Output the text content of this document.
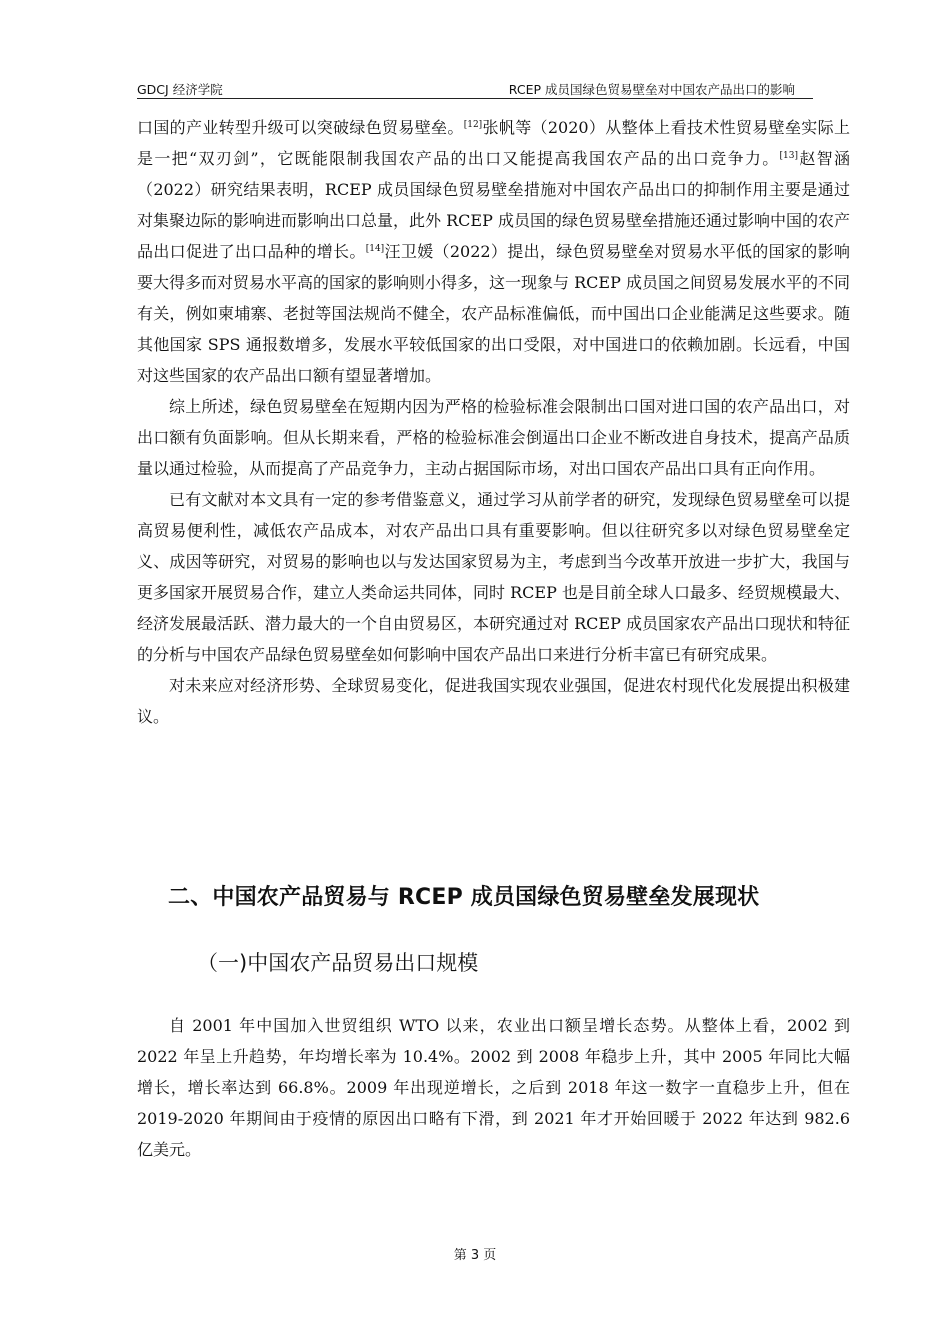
GDCJ 经济学院	RCEP 成员国绿色贸易壁垒对中国农产品出口的影响

口国的产业转型升级可以突破绿色贸易壁垒。[12]张帆等（2020）从整体上看技术性贸易壁垒实际上是一把“双刃剑”，它既能限制我国农产品的出口又能提高我国农产品的出口竞争力。[13]赵智涵（2022）研究结果表明，RCEP 成员国绿色贸易壁垒措施对中国农产品出口的抑制作用主要是通过对集聚边际的影响进而影响出口总量，此外 RCEP 成员国的绿色贸易壁垒措施还通过影响中国的农产品出口促进了出口品种的增长。[14]汪卫媛（2022）提出，绿色贸易壁垒对贸易水平低的国家的影响要大得多而对贸易水平高的国家的影响则小得多，这一现象与 RCEP 成员国之间贸易发展水平的不同有关，例如柬埔寨、老挝等国法规尚不健全，农产品标准偏低，而中国出口企业能满足这些要求。随其他国家 SPS 通报数增多，发展水平较低国家的出口受限，对中国进口的依赖加剧。长远看，中国对这些国家的农产品出口额有望显著增加。

综上所述，绿色贸易壁垒在短期内因为严格的检验标准会限制出口国对进口国的农产品出口，对出口额有负面影响。但从长期来看，严格的检验标准会倒逼出口企业不断改进自身技术，提高产品质量以通过检验，从而提高了产品竞争力，主动占据国际市场，对出口国农产品出口具有正向作用。

已有文献对本文具有一定的参考借鉴意义，通过学习从前学者的研究，发现绿色贸易壁垒可以提高贸易便利性，减低农产品成本，对农产品出口具有重要影响。但以往研究多以对绿色贸易壁垒定义、成因等研究，对贸易的影响也以与发达国家贸易为主，考虑到当今改革开放进一步扩大，我国与更多国家开展贸易合作，建立人类命运共同体，同时 RCEP 也是目前全球人口最多、经贸规模最大、经济发展最活跃、潜力最大的一个自由贸易区，本研究通过对 RCEP 成员国家农产品出口现状和特征的分析与中国农产品绿色贸易壁垒如何影响中国农产品出口来进行分析丰富已有研究成果。

对未来应对经济形势、全球贸易变化，促进我国实现农业强国，促进农村现代化发展提出积极建议。

二、中国农产品贸易与 RCEP 成员国绿色贸易壁垒发展现状
（一)中国农产品贸易出口规模

自 2001 年中国加入世贸组织 WTO 以来，农业出口额呈增长态势。从整体上看，2002 到 2022 年呈上升趋势，年均增长率为 10.4%。2002 到 2008 年稳步上升，其中 2005 年同比大幅增长，增长率达到 66.8%。2009 年出现逆增长，之后到 2018 年这一数字一直稳步上升，但在 2019-2020 年期间由于疫情的原因出口略有下滑，到 2021 年才开始回暖于 2022 年达到 982.6 亿美元。

第 3 页
